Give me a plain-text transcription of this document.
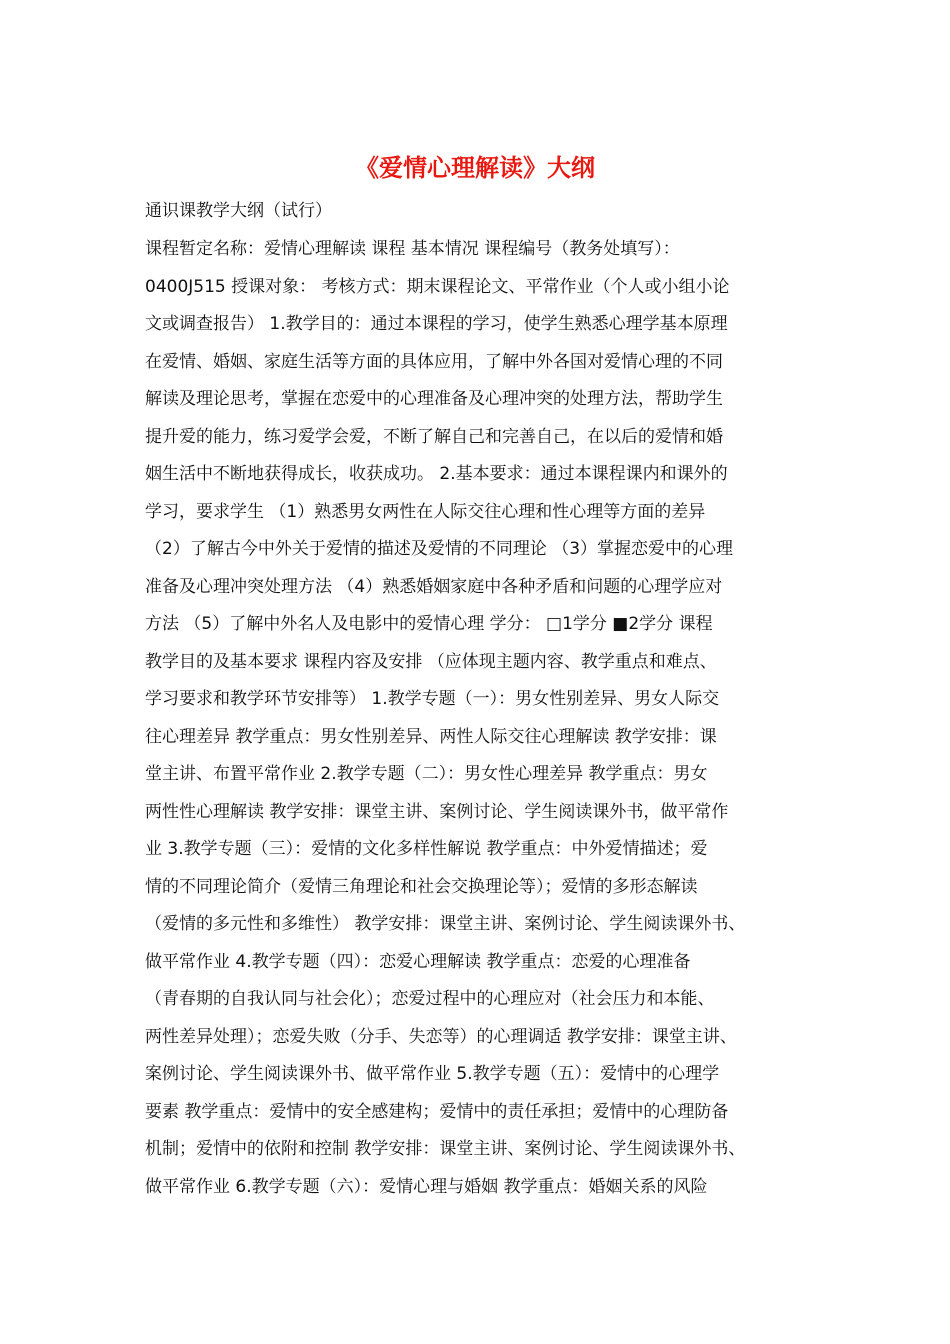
《爱情心理解读》大纲
通识课教学大纲（试行）
课程暂定名称：爱情心理解读 课程 基本情况 课程编号（教务处填写）：
0400J515 授课对象： 考核方式：期末课程论文、平常作业（个人或小组小论
文或调查报告） 1.教学目的：通过本课程的学习，使学生熟悉心理学基本原理
在爱情、婚姻、家庭生活等方面的具体应用，了解中外各国对爱情心理的不同
解读及理论思考，掌握在恋爱中的心理准备及心理冲突的处理方法，帮助学生
提升爱的能力，练习爱学会爱，不断了解自己和完善自己，在以后的爱情和婚
姻生活中不断地获得成长，收获成功。 2.基本要求：通过本课程课内和课外的
学习，要求学生 （1）熟悉男女两性在人际交往心理和性心理等方面的差异
（2）了解古今中外关于爱情的描述及爱情的不同理论 （3）掌握恋爱中的心理
准备及心理冲突处理方法 （4）熟悉婚姻家庭中各种矛盾和问题的心理学应对
方法 （5）了解中外名人及电影中的爱情心理 学分： □1学分 ■2学分 课程
教学目的及基本要求 课程内容及安排 （应体现主题内容、教学重点和难点、
学习要求和教学环节安排等） 1.教学专题（一）：男女性别差异、男女人际交
往心理差异 教学重点：男女性别差异、两性人际交往心理解读 教学安排：课
堂主讲、布置平常作业 2.教学专题（二）：男女性心理差异 教学重点：男女
两性性心理解读 教学安排：课堂主讲、案例讨论、学生阅读课外书，做平常作
业 3.教学专题（三）：爱情的文化多样性解说 教学重点：中外爱情描述；爱
情的不同理论简介（爱情三角理论和社会交换理论等）；爱情的多形态解读
（爱情的多元性和多维性） 教学安排：课堂主讲、案例讨论、学生阅读课外书、
做平常作业 4.教学专题（四）：恋爱心理解读 教学重点：恋爱的心理准备
（青春期的自我认同与社会化）；恋爱过程中的心理应对（社会压力和本能、
两性差异处理）；恋爱失败（分手、失恋等）的心理调适 教学安排：课堂主讲、
案例讨论、学生阅读课外书、做平常作业 5.教学专题（五）：爱情中的心理学
要素 教学重点：爱情中的安全感建构；爱情中的责任承担；爱情中的心理防备
机制；爱情中的依附和控制 教学安排：课堂主讲、案例讨论、学生阅读课外书、
做平常作业 6.教学专题（六）：爱情心理与婚姻 教学重点：婚姻关系的风险
